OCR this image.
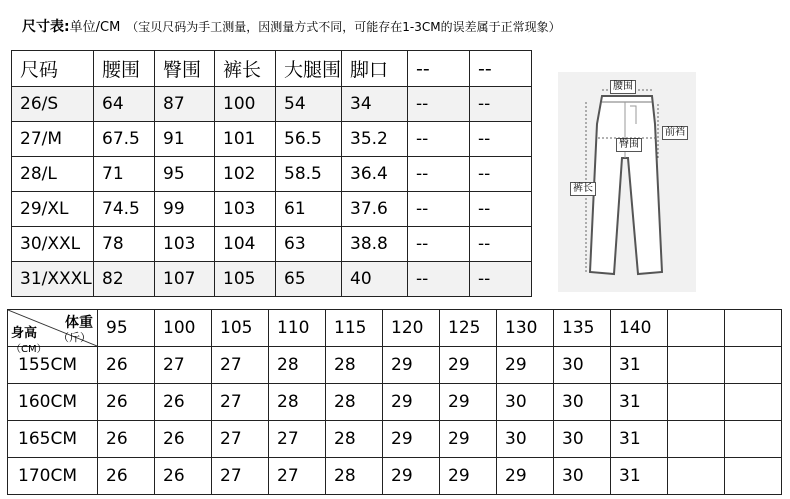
尺寸表:单位/CM （宝贝尺码为手工测量，因测量方式不同，可能存在1-3CM的误差属于正常现象）
尺码	腰围	臀围	裤长	大腿围	脚口	--	--
26/S	64	87	100	54	34	--	--
27/M	67.5	91	101	56.5	35.2	--	--
28/L	71	95	102	58.5	36.4	--	--
29/XL	74.5	99	103	61	37.6	--	--
30/XXL	78	103	104	63	38.8	--	--
31/XXXL	82	107	105	65	40	--	--
腰围
前裆
臀围
裤长
体重
（斤）
身高
（CM）	95	100	105	110	115	120	125	130	135	140		
155CM	26	27	27	28	28	29	29	29	30	31		
160CM	26	26	27	28	28	29	29	30	30	31		
165CM	26	26	27	27	28	29	29	30	30	31		
170CM	26	26	27	27	28	29	29	29	30	31		
